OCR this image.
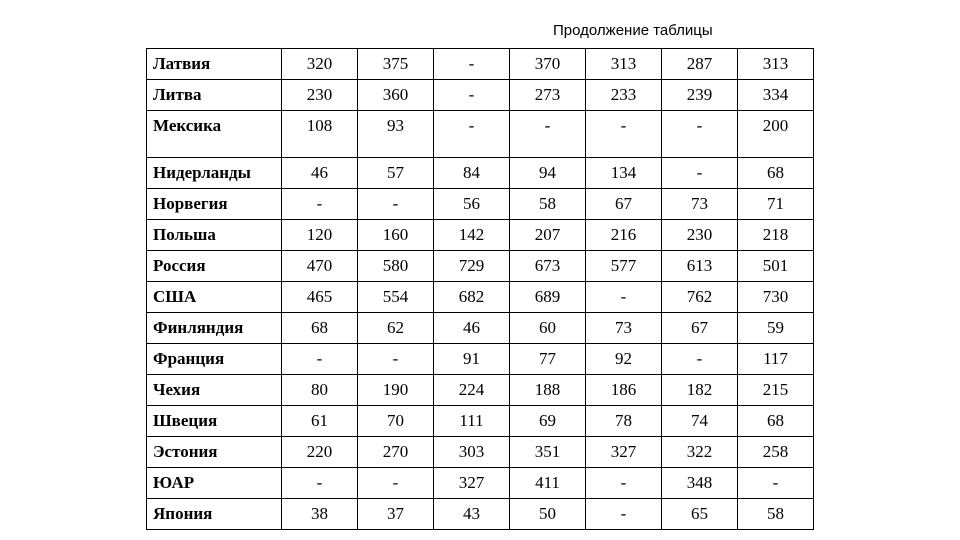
Продолжение таблицы
Латвия	320	375	-	370	313	287	313
Литва	230	360	-	273	233	239	334
Мексика	108	93	-	-	-	-	200
Нидерланды	46	57	84	94	134	-	68
Норвегия	-	-	56	58	67	73	71
Польша	120	160	142	207	216	230	218
Россия	470	580	729	673	577	613	501
США	465	554	682	689	-	762	730
Финляндия	68	62	46	60	73	67	59
Франция	-	-	91	77	92	-	117
Чехия	80	190	224	188	186	182	215
Швеция	61	70	111	69	78	74	68
Эстония	220	270	303	351	327	322	258
ЮАР	-	-	327	411	-	348	-
Япония	38	37	43	50	-	65	58
